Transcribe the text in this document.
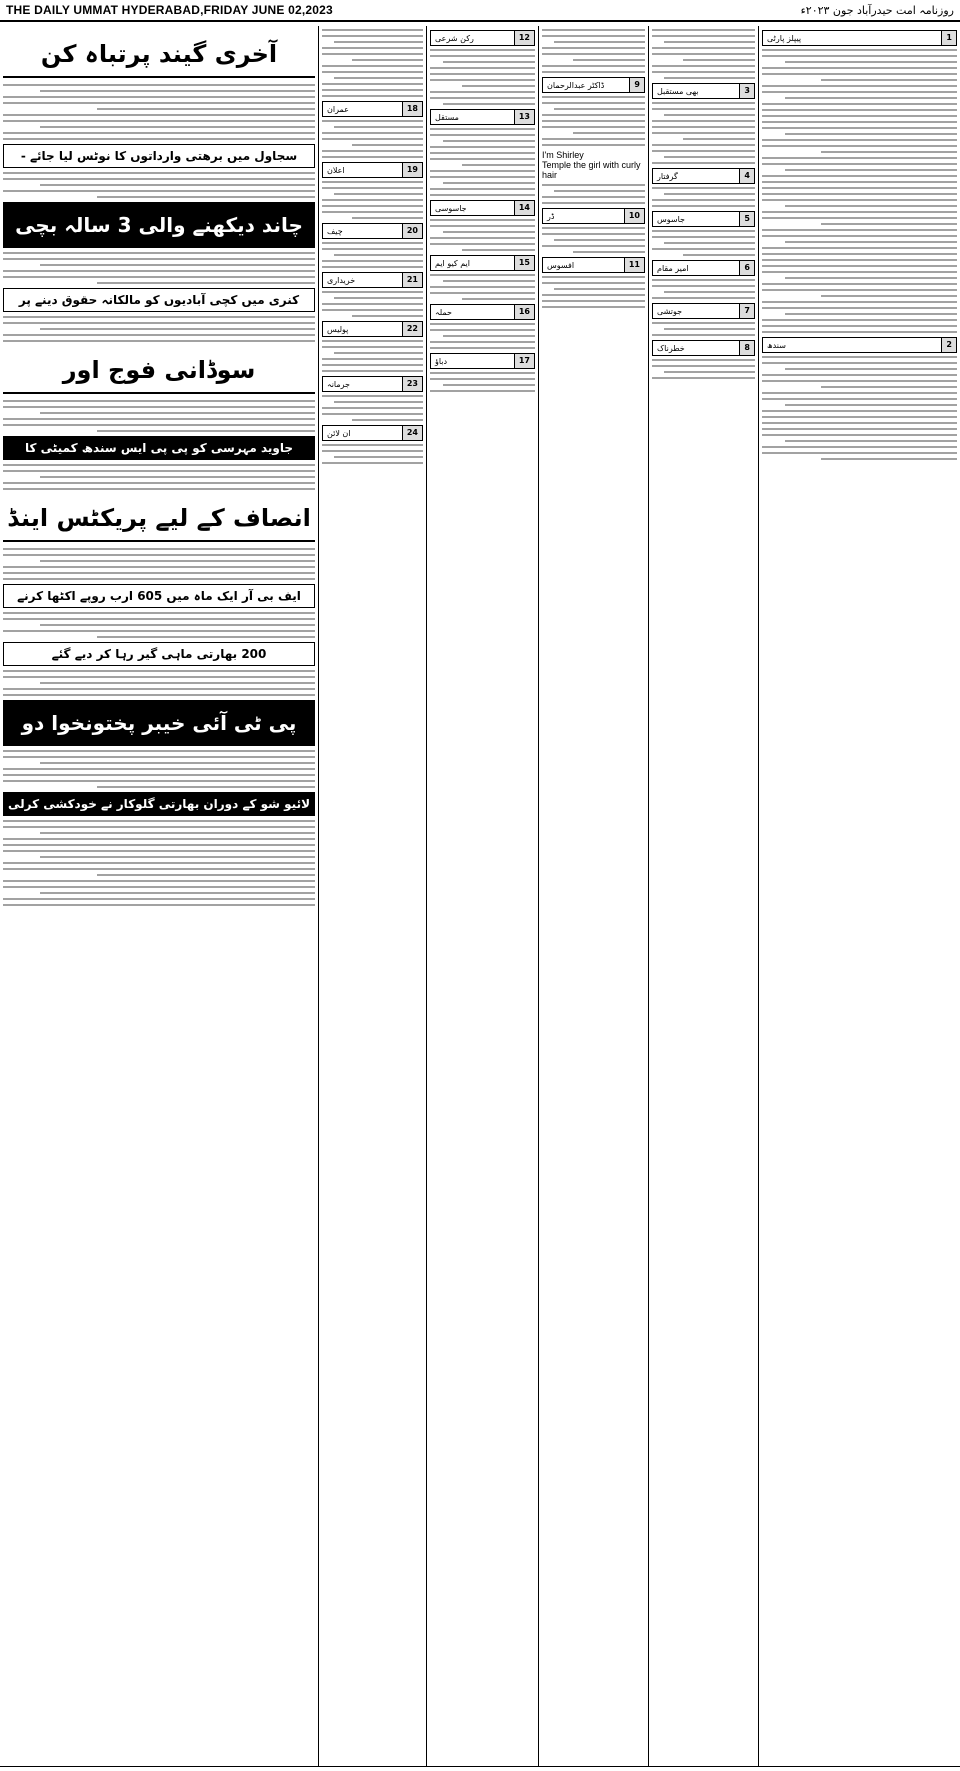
THE DAILY UMMAT HYDERABAD,FRIDAY JUNE 02,2023	روزنامہ امت حیدرآباد جون ۲۰۲۳ء
آخری گیند پرتباہ کن
سجاول میں برھتی وارداتوں کا نوٹس لیا جائے -
چاند دیکھنے والی 3 سالہ بچی
کنری میں کچی آبادیوں کو مالکانہ حقوق دینے پر
سوڈانی فوج اور
جاوید مہرسی کو پی پی ایس سندھ کمیٹی کا
انصاف کے لیے پریکٹس اینڈ
ایف بی آر ایک ماہ میں 605 ارب روپے اکٹھا کرنے
200 بھارتی ماہی گیر رہا کر دیے گئے
پی ٹی آئی خیبر پختونخوا دو
لائیو شو کے دوران بھارتی گلوکار نے خودکشی کرلی
18
عمران
19
اعلان
20
چیف
21
خریداری
22
پولیس
23
جرمانہ
24
ان لائن
12
رکن شرعی
13
مستقل
14
جاسوسی
15
ایم کیو ایم
16
حملہ
17
دباؤ
9
ڈاکٹر عبدالرحمان
I'm Shirley
Temple the girl with curly
hair
10
ڈر
11
افسوس
3
بھی مستقبل
4
گرفتار
5
جاسوس
6
امیر مقام
7
جوتشی
8
خطرناک
1
پیپلز پارٹی
2
سندھ
